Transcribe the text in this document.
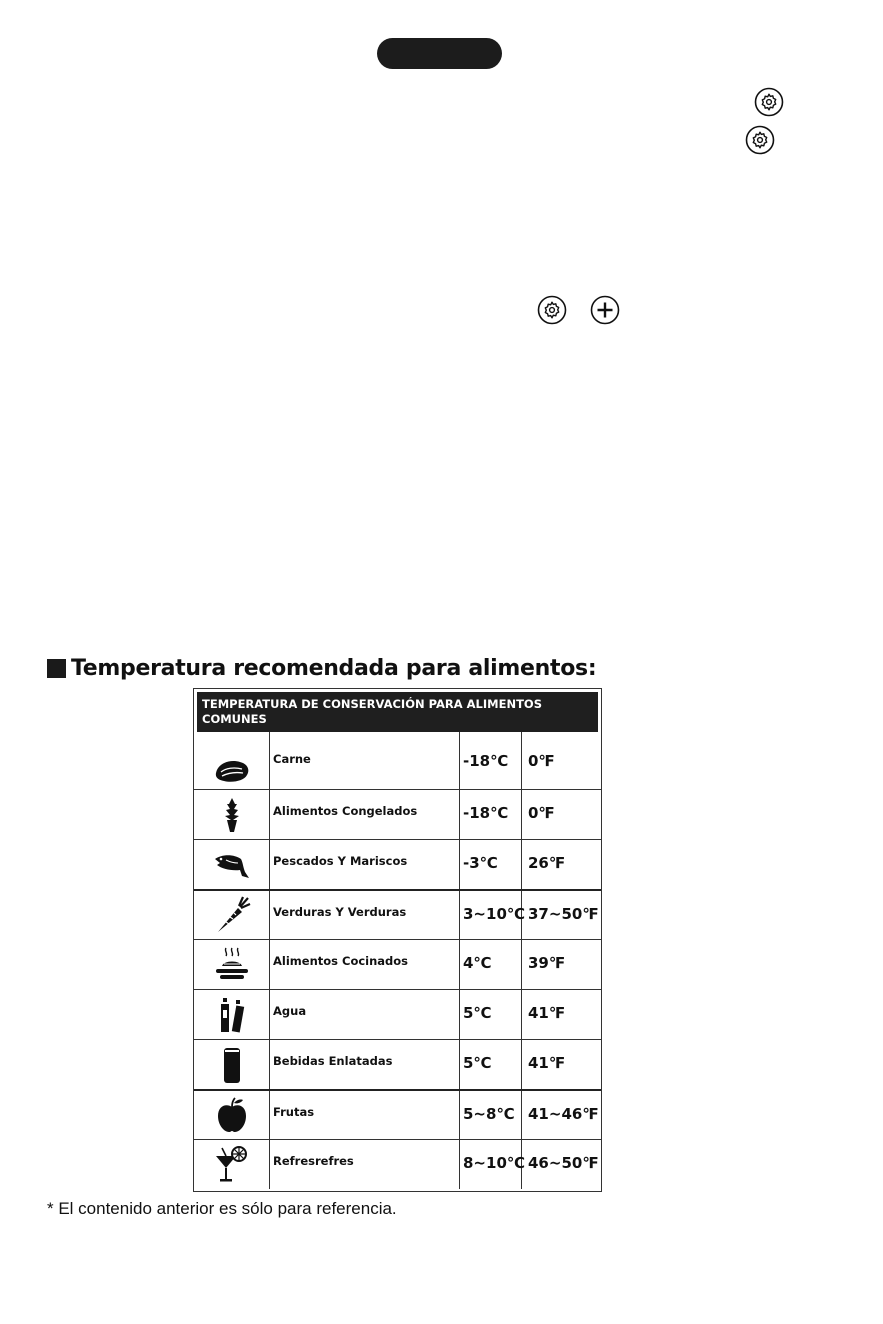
Temperatura recomendada para alimentos:
TEMPERATURA DE CONSERVACIÓN PARA ALIMENTOS COMUNES
Carne	-18℃	0℉
Alimentos Congelados	-18℃	0℉
Pescados Y Mariscos	-3℃	26℉
Verduras Y Verduras	3~10℃ 37~50℉
Alimentos Cocinados	4℃	39℉
Agua	5℃	41℉
Bebidas Enlatadas	5℃	41℉
Frutas	5~8℃ 41~46℉
Refresrefres	8~10℃ 46~50℉
* El contenido anterior es sólo para referencia.
